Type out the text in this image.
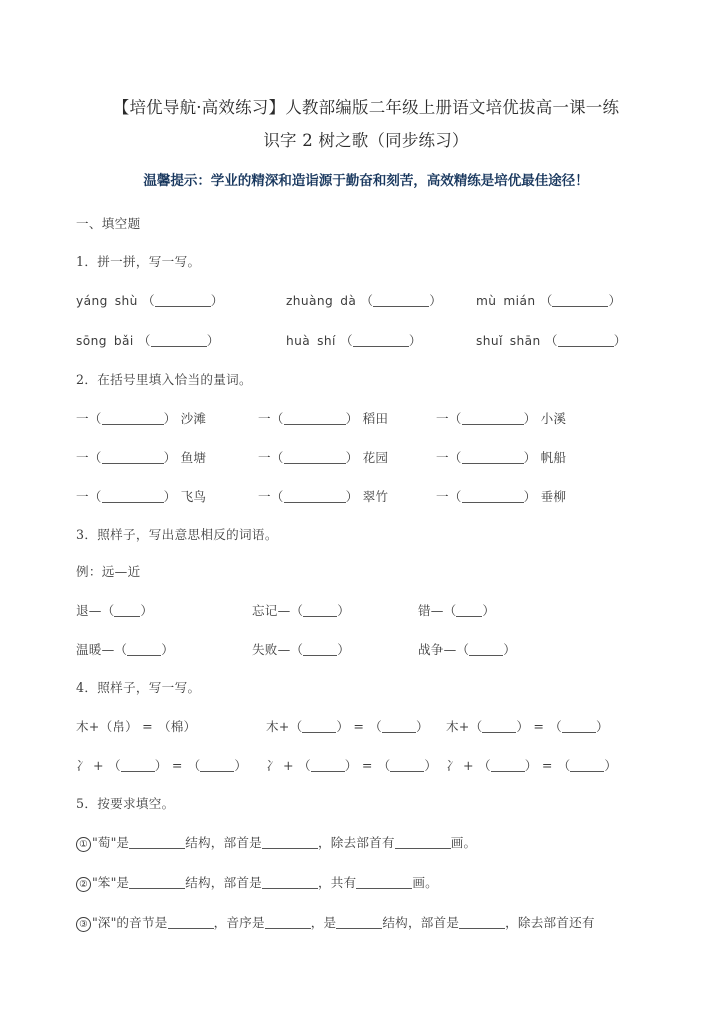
【培优导航·高效练习】人教部编版二年级上册语文培优拔高一课一练
识字 2 树之歌（同步练习）
温馨提示：学业的精深和造诣源于勤奋和刻苦，高效精练是培优最佳途径！
一、填空题
1．拼一拼，写一写。
yáng shù （	）	zhuàng dà （	）	mù mián （	）
sōng bǎi （	）	huà shí （	）	shuǐ shān （	）
2．在括号里填入恰当的量词。
一（	） 沙滩	一（	） 稻田	一（	） 小溪
一（	） 鱼塘	一（	） 花园	一（	） 帆船
一（	） 飞鸟	一（	） 翠竹	一（	） 垂柳
3．照样子，写出意思相反的词语。
例：远—近
退—（ ）	忘记—（	）	错—（ ）
温暖—（	）	失败—（	）	战争—（	）
4．照样子，写一写。
木+（帛） = （棉）	木+（	） = （	）	木+（	） = （	）
冫 + （	） = （	）	冫 + （	） = （	） 冫 + （	） = （	）
5．按要求填空。
① "萄"是	结构，部首是	，除去部首有	画。
② "笨"是	结构，部首是	，共有	画。
③ "深"的音节是	，音序是	，是	结构，部首是	，除去部首还有
